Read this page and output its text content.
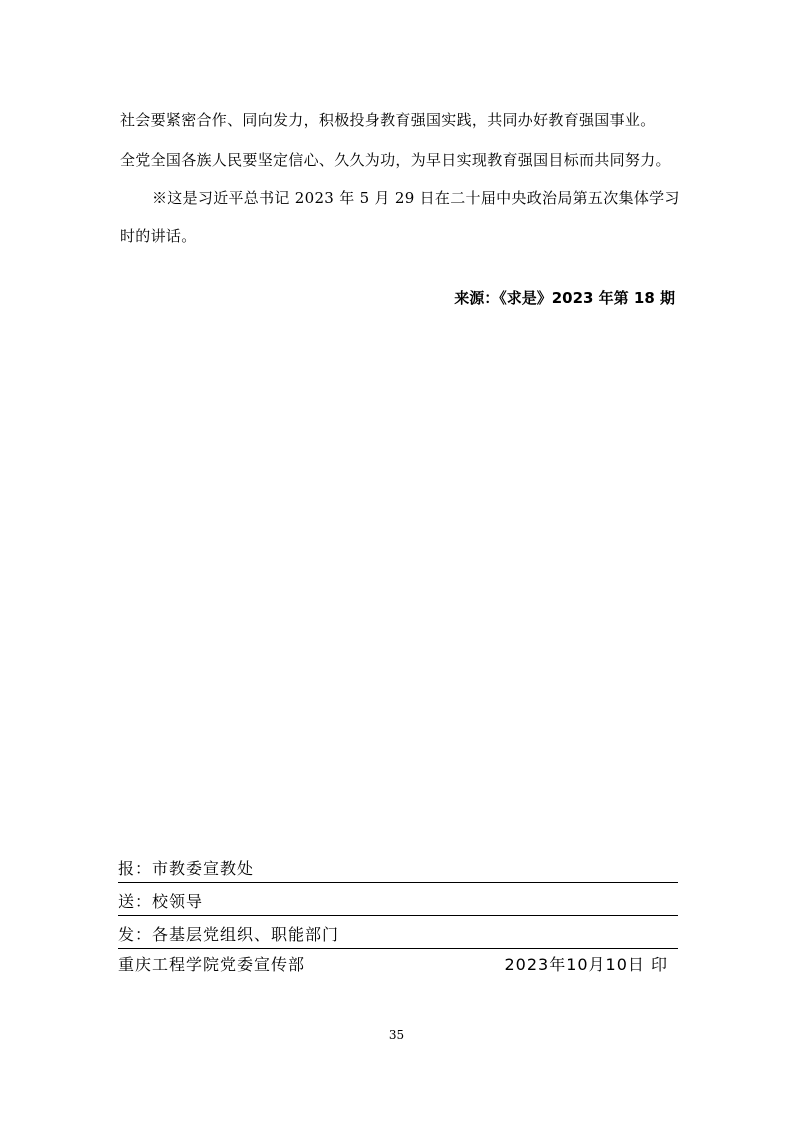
社会要紧密合作、同向发力，积极投身教育强国实践，共同办好教育强国事业。
全党全国各族人民要坚定信心、久久为功，为早日实现教育强国目标而共同努力。
※这是习近平总书记 2023 年 5 月 29 日在二十届中央政治局第五次集体学习
时的讲话。
来源：《求是》2023 年第 18 期
报：市教委宣教处
送：校领导
发：各基层党组织、职能部门
重庆工程学院党委宣传部	2023年10月10日 印
35
